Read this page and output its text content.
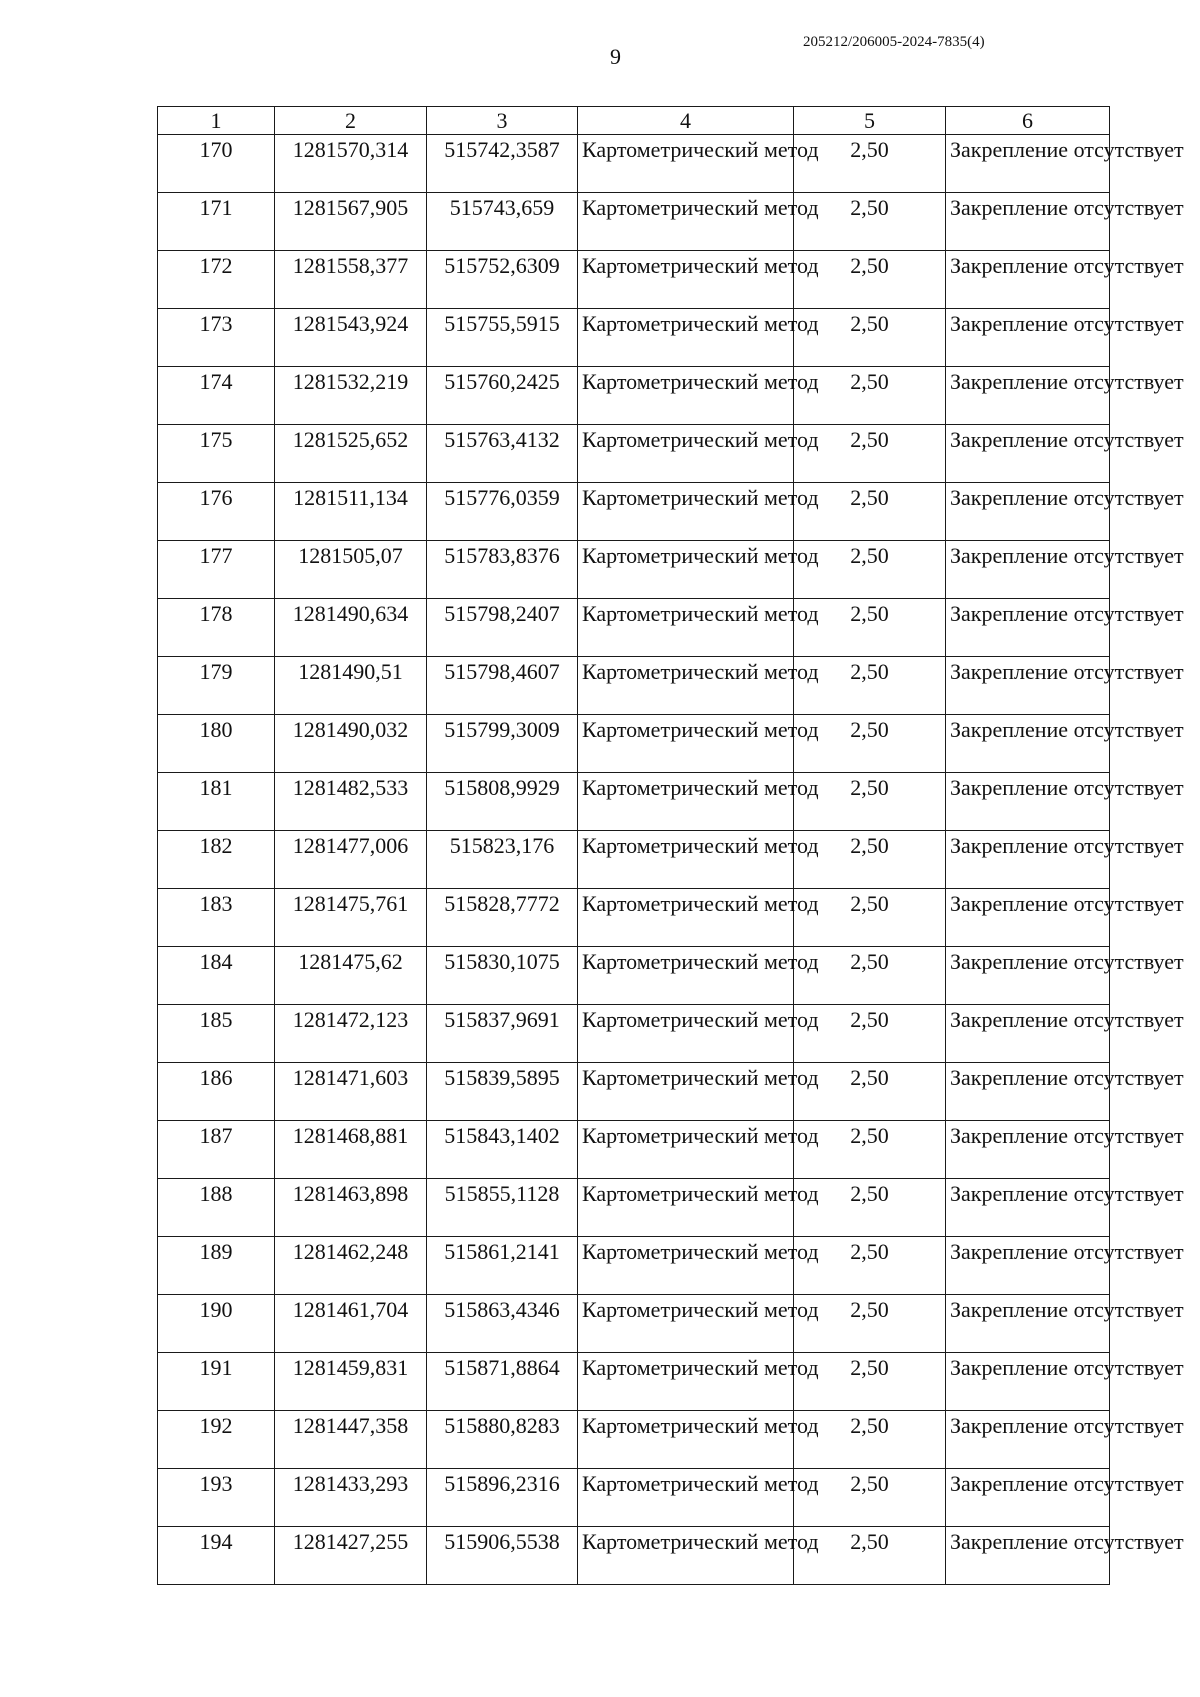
9
205212/206005-2024-7835(4)
1	2	3	4	5	6
170	1281570,314	515742,3587	Картометрический метод	2,50	Закрепление отсутствует
171	1281567,905	515743,659	Картометрический метод	2,50	Закрепление отсутствует
172	1281558,377	515752,6309	Картометрический метод	2,50	Закрепление отсутствует
173	1281543,924	515755,5915	Картометрический метод	2,50	Закрепление отсутствует
174	1281532,219	515760,2425	Картометрический метод	2,50	Закрепление отсутствует
175	1281525,652	515763,4132	Картометрический метод	2,50	Закрепление отсутствует
176	1281511,134	515776,0359	Картометрический метод	2,50	Закрепление отсутствует
177	1281505,07	515783,8376	Картометрический метод	2,50	Закрепление отсутствует
178	1281490,634	515798,2407	Картометрический метод	2,50	Закрепление отсутствует
179	1281490,51	515798,4607	Картометрический метод	2,50	Закрепление отсутствует
180	1281490,032	515799,3009	Картометрический метод	2,50	Закрепление отсутствует
181	1281482,533	515808,9929	Картометрический метод	2,50	Закрепление отсутствует
182	1281477,006	515823,176	Картометрический метод	2,50	Закрепление отсутствует
183	1281475,761	515828,7772	Картометрический метод	2,50	Закрепление отсутствует
184	1281475,62	515830,1075	Картометрический метод	2,50	Закрепление отсутствует
185	1281472,123	515837,9691	Картометрический метод	2,50	Закрепление отсутствует
186	1281471,603	515839,5895	Картометрический метод	2,50	Закрепление отсутствует
187	1281468,881	515843,1402	Картометрический метод	2,50	Закрепление отсутствует
188	1281463,898	515855,1128	Картометрический метод	2,50	Закрепление отсутствует
189	1281462,248	515861,2141	Картометрический метод	2,50	Закрепление отсутствует
190	1281461,704	515863,4346	Картометрический метод	2,50	Закрепление отсутствует
191	1281459,831	515871,8864	Картометрический метод	2,50	Закрепление отсутствует
192	1281447,358	515880,8283	Картометрический метод	2,50	Закрепление отсутствует
193	1281433,293	515896,2316	Картометрический метод	2,50	Закрепление отсутствует
194	1281427,255	515906,5538	Картометрический метод	2,50	Закрепление отсутствует
